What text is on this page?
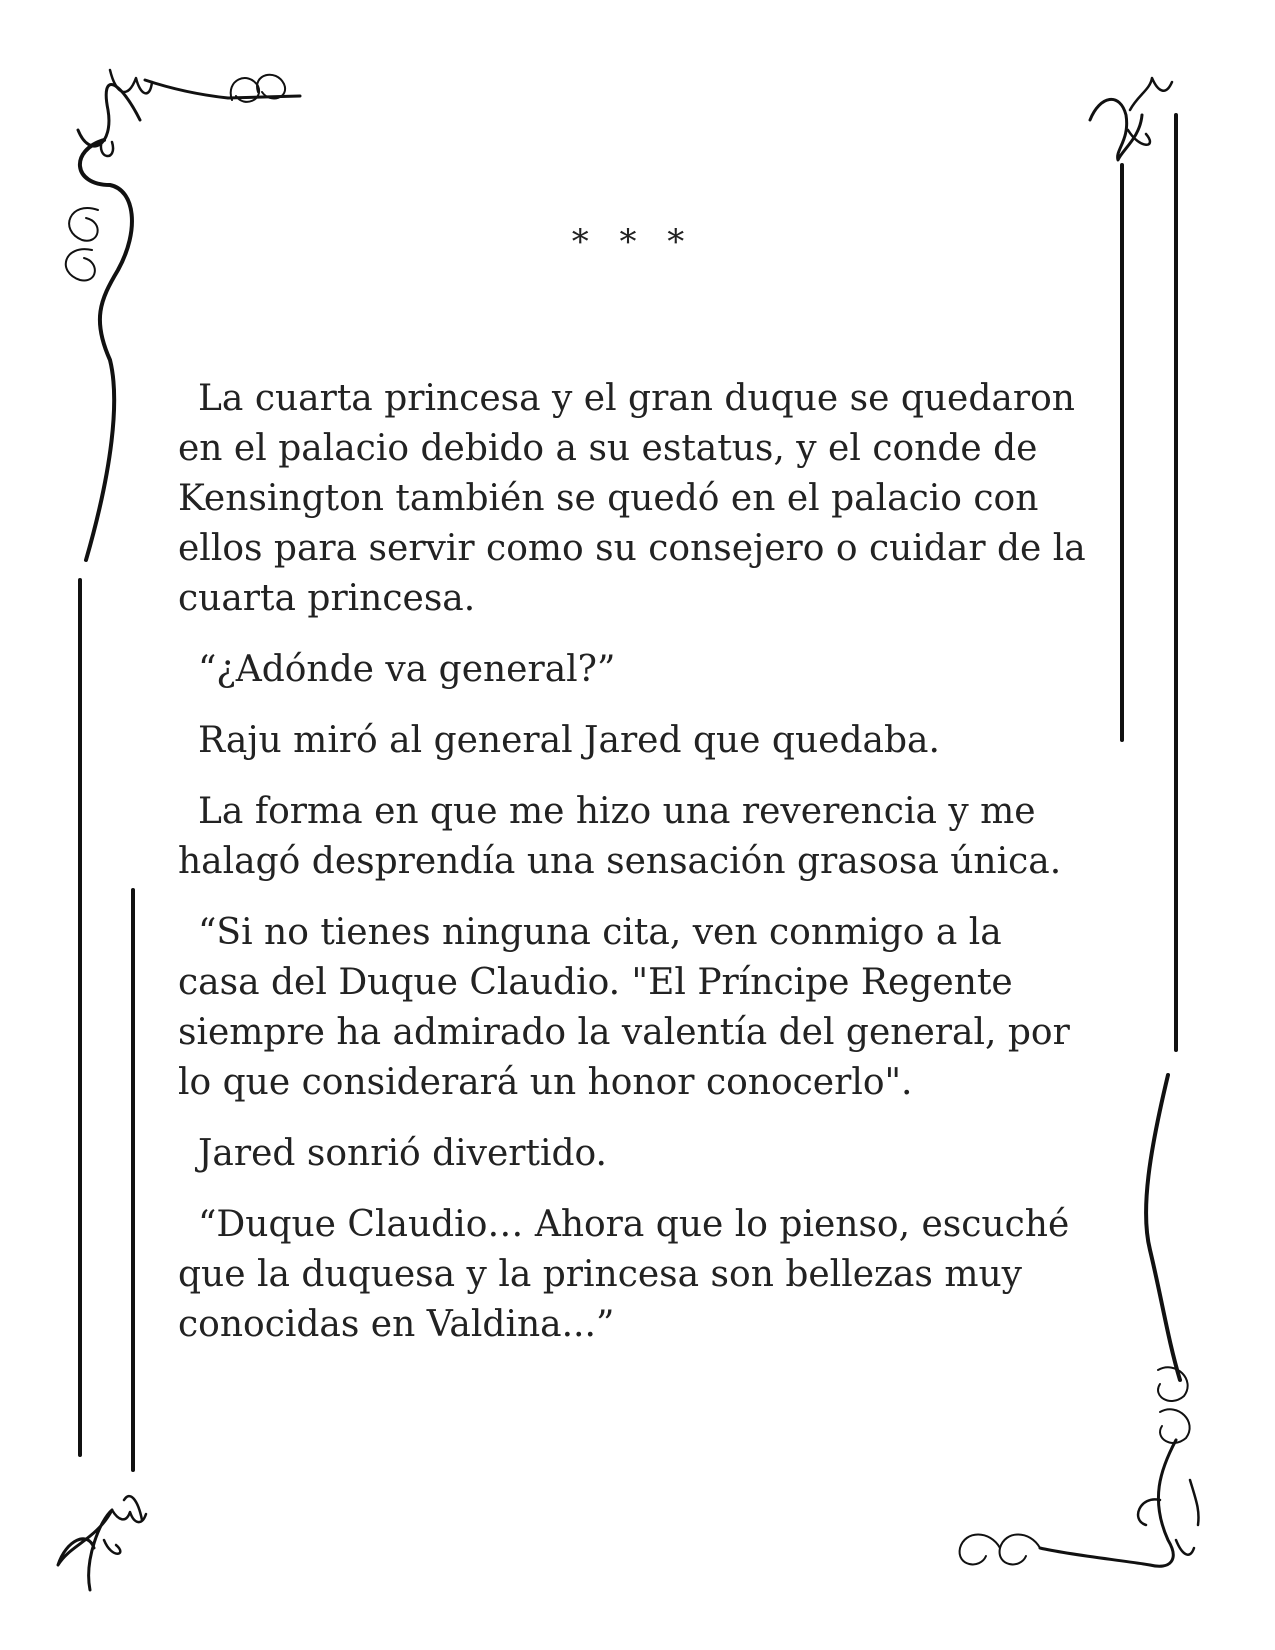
* * *

La cuarta princesa y el gran duque se quedaron en el palacio debido a su estatus, y el conde de Kensington también se quedó en el palacio con ellos para servir como su consejero o cuidar de la cuarta princesa.

“¿Adónde va general?”

Raju miró al general Jared que quedaba.

La forma en que me hizo una reverencia y me halagó desprendía una sensación grasosa única.

“Si no tienes ninguna cita, ven conmigo a la casa del Duque Claudio. "El Príncipe Regente siempre ha admirado la valentía del general, por lo que considerará un honor conocerlo".

Jared sonrió divertido.

“Duque Claudio… Ahora que lo pienso, escuché que la duquesa y la princesa son bellezas muy conocidas en Valdina...”
